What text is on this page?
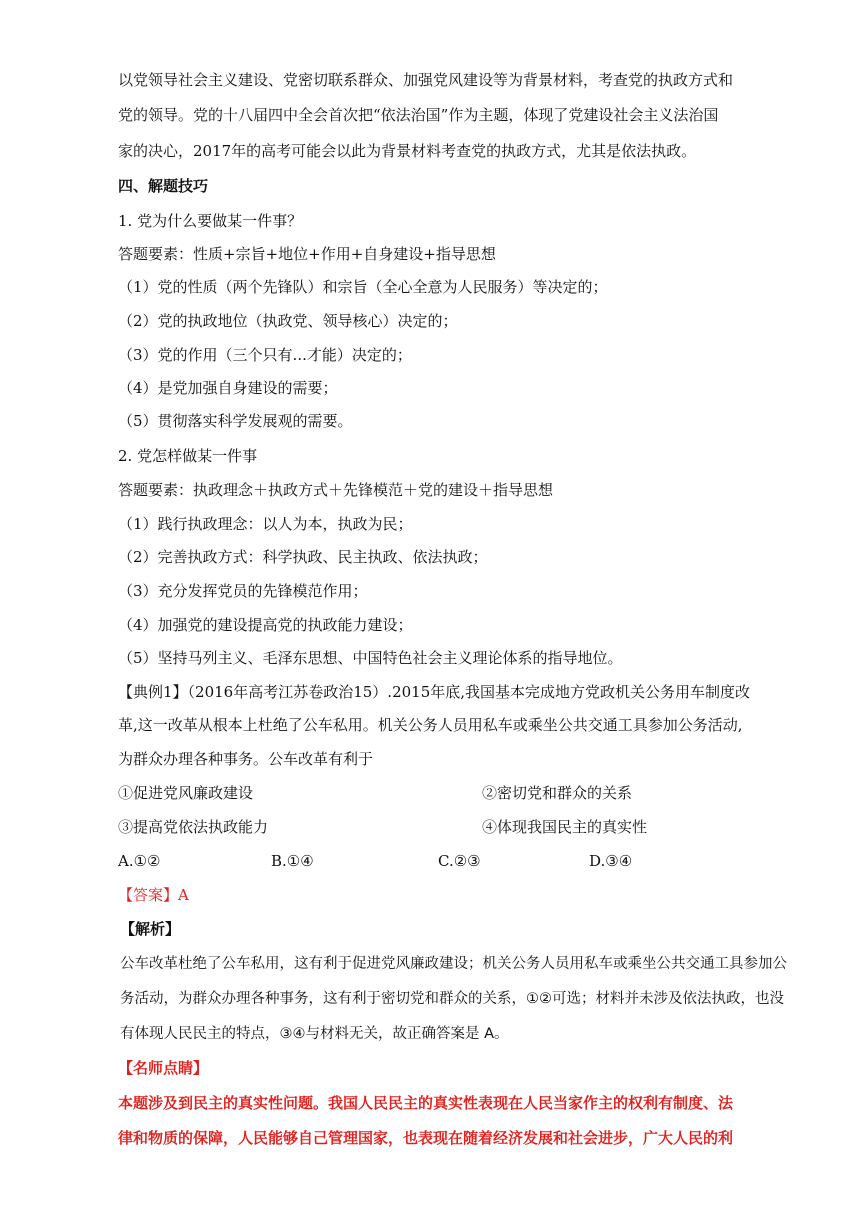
以党领导社会主义建设、党密切联系群众、加强党风建设等为背景材料，考查党的执政方式和
党的领导。党的十八届四中全会首次把“依法治国”作为主题，体现了党建设社会主义法治国
家的决心，2017年的高考可能会以此为背景材料考查党的执政方式，尤其是依法执政。
四、解题技巧
1. 党为什么要做某一件事？
答题要素：性质+宗旨+地位+作用+自身建设+指导思想
（1）党的性质（两个先锋队）和宗旨（全心全意为人民服务）等决定的；
（2）党的执政地位（执政党、领导核心）决定的；
（3）党的作用（三个只有...才能）决定的；
（4）是党加强自身建设的需要；
（5）贯彻落实科学发展观的需要。
2. 党怎样做某一件事
答题要素：执政理念＋执政方式＋先锋模范＋党的建设＋指导思想
（1）践行执政理念：以人为本，执政为民；
（2）完善执政方式：科学执政、民主执政、依法执政；
（3）充分发挥党员的先锋模范作用；
（4）加强党的建设提高党的执政能力建设；
（5）坚持马列主义、毛泽东思想、中国特色社会主义理论体系的指导地位。
【典例1】（2016年高考江苏卷政治15）.2015年底,我国基本完成地方党政机关公务用车制度改
革,这一改革从根本上杜绝了公车私用。机关公务人员用私车或乘坐公共交通工具参加公务活动,
为群众办理各种事务。公车改革有利于
①促进党风廉政建设	②密切党和群众的关系
③提高党依法执政能力	④体现我国民主的真实性
A.①②	B.①④	C.②③	D.③④
【答案】A
【解析】
公车改革杜绝了公车私用，这有利于促进党风廉政建设；机关公务人员用私车或乘坐公共交通工具参加公
务活动，为群众办理各种事务，这有利于密切党和群众的关系，①②可选；材料并未涉及依法执政，也没
有体现人民民主的特点，③④与材料无关，故正确答案是 A。
【名师点睛】
本题涉及到民主的真实性问题。我国人民民主的真实性表现在人民当家作主的权利有制度、法
律和物质的保障，人民能够自己管理国家，也表现在随着经济发展和社会进步，广大人民的利
